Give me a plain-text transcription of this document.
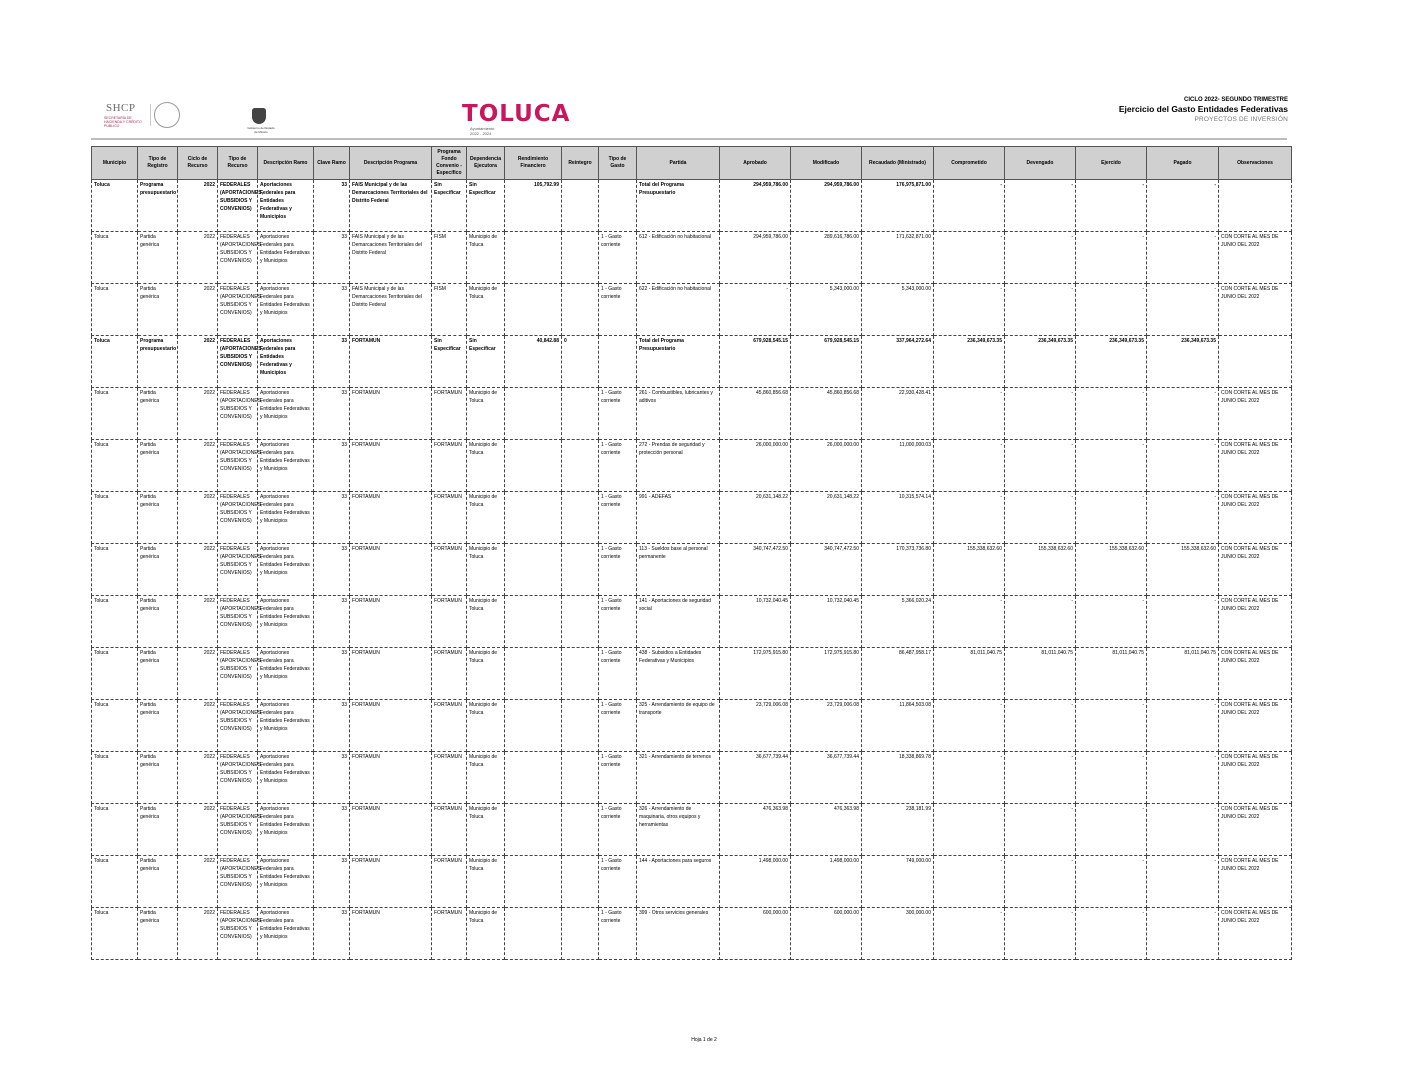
SHCP
SECRETARÍA DE HACIENDA Y CRÉDITO PÚBLICO	Gobierno del Estado de México
TOLUCA
Ayuntamiento
2022 - 2024
CICLO 2022- SEGUNDO TRIMESTRE
Ejercicio del Gasto Entidades Federativas
PROYECTOS DE INVERSIÓN
Municipio	Tipo de Registro	Ciclo de Recurso	Tipo de Recurso	Descripción Ramo	Clave Ramo	Descripción Programa	Programa Fondo Convenio - Específico	Dependencia Ejecutora	Rendimiento Financiero	Reintegro	Tipo de Gasto	Partida	Aprobado	Modificado	Recaudado (Ministrado)	Comprometido	Devengado	Ejercido	Pagado	Observaciones
Toluca	Programa presupuestario	2022	FEDERALES (APORTACIONES, SUBSIDIOS Y CONVENIOS)	Aportaciones Federales para Entidades Federativas y Municipios	33	FAIS Municipal y de las Demarcaciones Territoriales del Distrito Federal	Sin Especificar	Sin Especificar	105,792.99			Total del Programa Presupuestario	294,959,786.00	294,959,786.00	176,975,871.00	-	-	-	-	
Toluca	Partida genérica	2022	FEDERALES (APORTACIONES, SUBSIDIOS Y CONVENIOS)	Aportaciones Federales para Entidades Federativas y Municipios	33	FAIS Municipal y de las Demarcaciones Territoriales del Distrito Federal	FISM	Municipio de Toluca			1 - Gasto corriente	612 - Edificación no habitacional	294,959,786.00	289,616,786.00	171,632,871.00	-	-	-	-	CON CORTE AL MES DE JUNIO DEL 2022
Toluca	Partida genérica	2022	FEDERALES (APORTACIONES, SUBSIDIOS Y CONVENIOS)	Aportaciones Federales para Entidades Federativas y Municipios	33	FAIS Municipal y de las Demarcaciones Territoriales del Distrito Federal	FISM	Municipio de Toluca			1 - Gasto corriente	622 - Edificación no habitacional	-	5,343,000.00	5,343,000.00	-	-	-	-	CON CORTE AL MES DE JUNIO DEL 2022
Toluca	Programa presupuestario	2022	FEDERALES (APORTACIONES, SUBSIDIOS Y CONVENIOS)	Aportaciones Federales para Entidades Federativas y Municipios	33	FORTAMUN	Sin Especificar	Sin Especificar	40,842.88	0		Total del Programa Presupuestario	679,928,545.15	679,928,545.15	337,964,272.64	236,349,673.35	236,349,673.35	236,349,673.35	236,349,673.35	
Toluca	Partida genérica	2022	FEDERALES (APORTACIONES, SUBSIDIOS Y CONVENIOS)	Aportaciones Federales para Entidades Federativas y Municipios	33	FORTAMUN	FORTAMUN	Municipio de Toluca			1 - Gasto corriente	261 - Combustibles, lubricantes y aditivos	45,860,856.68	45,860,856.68	22,930,428.41	-	-	-	-	CON CORTE AL MES DE JUNIO DEL 2022
Toluca	Partida genérica	2022	FEDERALES (APORTACIONES, SUBSIDIOS Y CONVENIOS)	Aportaciones Federales para Entidades Federativas y Municipios	33	FORTAMUN	FORTAMUN	Municipio de Toluca			1 - Gasto corriente	272 - Prendas de seguridad y protección personal	26,000,000.00	26,000,000.00	11,000,000.03	-	-	-	-	CON CORTE AL MES DE JUNIO DEL 2022
Toluca	Partida genérica	2022	FEDERALES (APORTACIONES, SUBSIDIOS Y CONVENIOS)	Aportaciones Federales para Entidades Federativas y Municipios	33	FORTAMUN	FORTAMUN	Municipio de Toluca			1 - Gasto corriente	991 - ADEFAS	20,631,148.22	20,631,148.22	10,315,574.14	-	-	-	-	CON CORTE AL MES DE JUNIO DEL 2022
Toluca	Partida genérica	2022	FEDERALES (APORTACIONES, SUBSIDIOS Y CONVENIOS)	Aportaciones Federales para Entidades Federativas y Municipios	33	FORTAMUN	FORTAMUN	Municipio de Toluca			1 - Gasto corriente	113 - Sueldos base al personal permanente	340,747,472.50	340,747,472.50	170,373,736.80	155,338,632.60	155,338,632.60	155,338,632.60	155,338,632.60	CON CORTE AL MES DE JUNIO DEL 2022
Toluca	Partida genérica	2022	FEDERALES (APORTACIONES, SUBSIDIOS Y CONVENIOS)	Aportaciones Federales para Entidades Federativas y Municipios	33	FORTAMUN	FORTAMUN	Municipio de Toluca			1 - Gasto corriente	141 - Aportaciones de seguridad social	10,732,040.45	10,732,040.45	5,366,020.24	-	-	-	-	CON CORTE AL MES DE JUNIO DEL 2022
Toluca	Partida genérica	2022	FEDERALES (APORTACIONES, SUBSIDIOS Y CONVENIOS)	Aportaciones Federales para Entidades Federativas y Municipios	33	FORTAMUN	FORTAMUN	Municipio de Toluca			1 - Gasto corriente	438 - Subsidios a Entidades Federativas y Municipios	172,975,915.80	172,975,915.80	86,487,958.17	81,011,040.75	81,011,040.75	81,011,040.75	81,011,040.75	CON CORTE AL MES DE JUNIO DEL 2022
Toluca	Partida genérica	2022	FEDERALES (APORTACIONES, SUBSIDIOS Y CONVENIOS)	Aportaciones Federales para Entidades Federativas y Municipios	33	FORTAMUN	FORTAMUN	Municipio de Toluca			1 - Gasto corriente	325 - Arrendamiento de equipo de transporte	23,729,006.08	23,729,006.08	11,864,503.08	-	-	-	-	CON CORTE AL MES DE JUNIO DEL 2022
Toluca	Partida genérica	2022	FEDERALES (APORTACIONES, SUBSIDIOS Y CONVENIOS)	Aportaciones Federales para Entidades Federativas y Municipios	33	FORTAMUN	FORTAMUN	Municipio de Toluca			1 - Gasto corriente	321 - Arrendamiento de terrenos	36,677,739.44	36,677,739.44	18,338,869.78	-	-	-	-	CON CORTE AL MES DE JUNIO DEL 2022
Toluca	Partida genérica	2022	FEDERALES (APORTACIONES, SUBSIDIOS Y CONVENIOS)	Aportaciones Federales para Entidades Federativas y Municipios	33	FORTAMUN	FORTAMUN	Municipio de Toluca			1 - Gasto corriente	326 - Arrendamiento de maquinaria, otros equipos y herramientas	476,363.98	476,363.98	238,181.99	-	-	-	-	CON CORTE AL MES DE JUNIO DEL 2022
Toluca	Partida genérica	2022	FEDERALES (APORTACIONES, SUBSIDIOS Y CONVENIOS)	Aportaciones Federales para Entidades Federativas y Municipios	33	FORTAMUN	FORTAMUN	Municipio de Toluca			1 - Gasto corriente	144 - Aportaciones para seguros	1,498,000.00	1,498,000.00	749,000.00	-	-	-	-	CON CORTE AL MES DE JUNIO DEL 2022
Toluca	Partida genérica	2022	FEDERALES (APORTACIONES, SUBSIDIOS Y CONVENIOS)	Aportaciones Federales para Entidades Federativas y Municipios	33	FORTAMUN	FORTAMUN	Municipio de Toluca			1 - Gasto corriente	399 - Otros servicios generales	600,000.00	600,000.00	300,000.00	-	-	-	-	CON CORTE AL MES DE JUNIO DEL 2022
Hoja 1 de 2
